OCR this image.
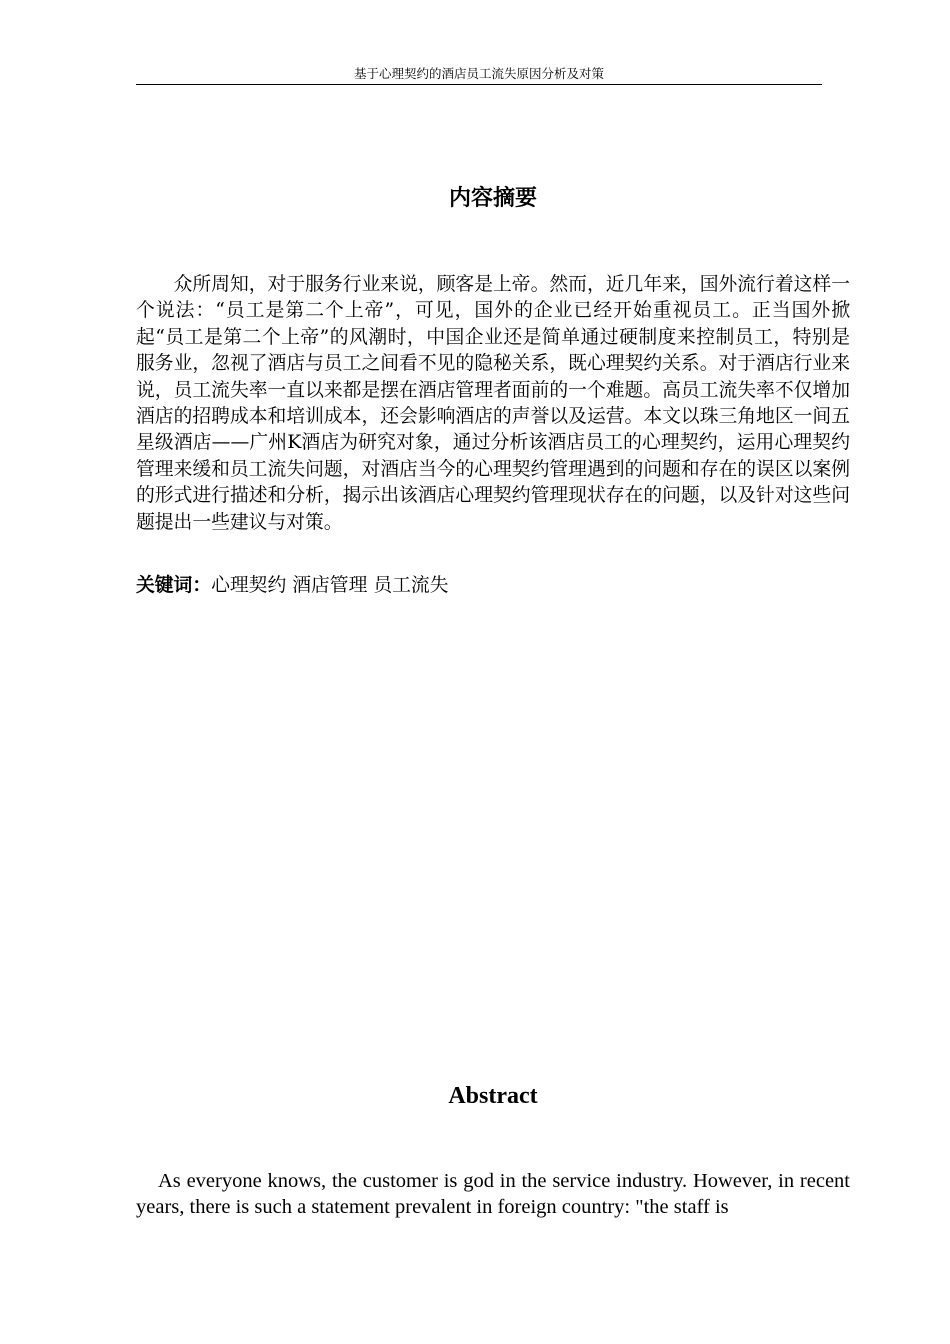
基于心理契约的酒店员工流失原因分析及对策
内容摘要

众所周知，对于服务行业来说，顾客是上帝。然而，近几年来，国外流行着这样一个说法：“员工是第二个上帝”，可见，国外的企业已经开始重视员工。正当国外掀起“员工是第二个上帝”的风潮时，中国企业还是简单通过硬制度来控制员工，特别是服务业，忽视了酒店与员工之间看不见的隐秘关系，既心理契约关系。对于酒店行业来说，员工流失率一直以来都是摆在酒店管理者面前的一个难题。高员工流失率不仅增加酒店的招聘成本和培训成本，还会影响酒店的声誉以及运营。本文以珠三角地区一间五星级酒店——广州K酒店为研究对象，通过分析该酒店员工的心理契约，运用心理契约管理来缓和员工流失问题，对酒店当今的心理契约管理遇到的问题和存在的误区以案例的形式进行描述和分析，揭示出该酒店心理契约管理现状存在的问题，以及针对这些问题提出一些建议与对策。

关键词：心理契约 酒店管理 员工流失

Abstract

As everyone knows, the customer is god in the service industry. However, in recent years, there is such a statement prevalent in foreign country: "the staff is
